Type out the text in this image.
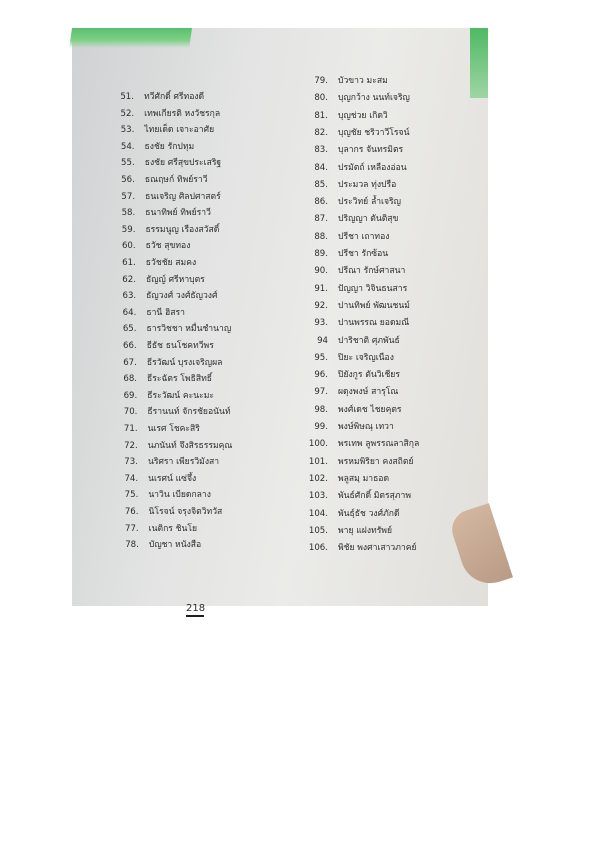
51. ทวีศักดิ์ ศรีทองดี
52. เทพเกียรติ หงวัชรกุล
53. ไทยเด็ด เจาะอาศัย
54. ธงชัย รักปทุม
55. ธงชัย ศรีสุขประเสริฐ
56. ธณฤษก์ ทิพย์ราวี
57. ธนเจริญ ศิลปศาสตร์
58. ธนาทิพย์ ทิพย์ราวี
59. ธรรมนูญ เรืองสวัสดิ์
60. ธวัช สุขทอง
61. ธวัชชัย สมคง
62. ธัญญ์ ศรีหาบุตร
63. ธัญวงศ์ วงศ์ธัญวงศ์
64. ธานี ฮิสรา
65. ธารวิชชา หมื่นชำนาญ
66. ธีธัช ธนโชคทวีพร
67. ธีรวัฒน์ บุรงเจริญผล
68. ธีระฉัตร โพธิสิทธิ์
69. ธีระวัฒน์ คะนะมะ
70. ธีรานนท์ จักรชัยอนันท์
71. นเรศ โชคะสิริ
72. นภนันท์ จึงสิรธรรมคุณ
73. นริศรา เพียรวิมังสา
74. นเรศน์ แซ่จึ้ง
75. นาวิน เบียดกลาง
76. นิโรจน์ จรุงจิตวิทวัส
77. เนติกร ชินโย
78. บัญชา หนังสือ
79. บัวขาว มะสม
80. บุญกว้าง นนท์เจริญ
81. บุญช่วย เกิดวิ
82. บุญชัย ชริวาวีโรจน์
83. บุลากร จันทรมิตร
84. ปรมัตถ์ เหลืองอ่อน
85. ประมวล ทุ่งปรือ
86. ประวิทย์ ล้ำเจริญ
87. ปริญญา ตันติสุข
88. ปรีชา เถาทอง
89. ปรีชา รักซ้อน
90. ปรีณา รักษ์ศาสนา
91. ปัญญา วิจินธนสาร
92. ปานทิพย์ พัฒนชนม์
93. ปานพรรณ ยอดมณี
94 ปาริชาติ ศุภพันธ์
95. ปิยะ เจริญเนือง
96. ปิยังกูร ตันวิเชียร
97. ผดุงพงษ์ สารุโณ
98. พงศ์เดช ไชยคุตร
99. พงษ์พิษณุ เทวา
100. พรเทพ ลูพรรณลาสิกุล
101. พรหมพิริยา คงสถิตย์
102. พลูสมฺ มาธอด
103. พันธ์ศักดิ์ มิตรสุภาพ
104. พันธุ์ธัช วงศ์ภักดี
105. พายุ แฝงทรัพย์
106. พิชัย พงศาเสาวภาคย์
218
